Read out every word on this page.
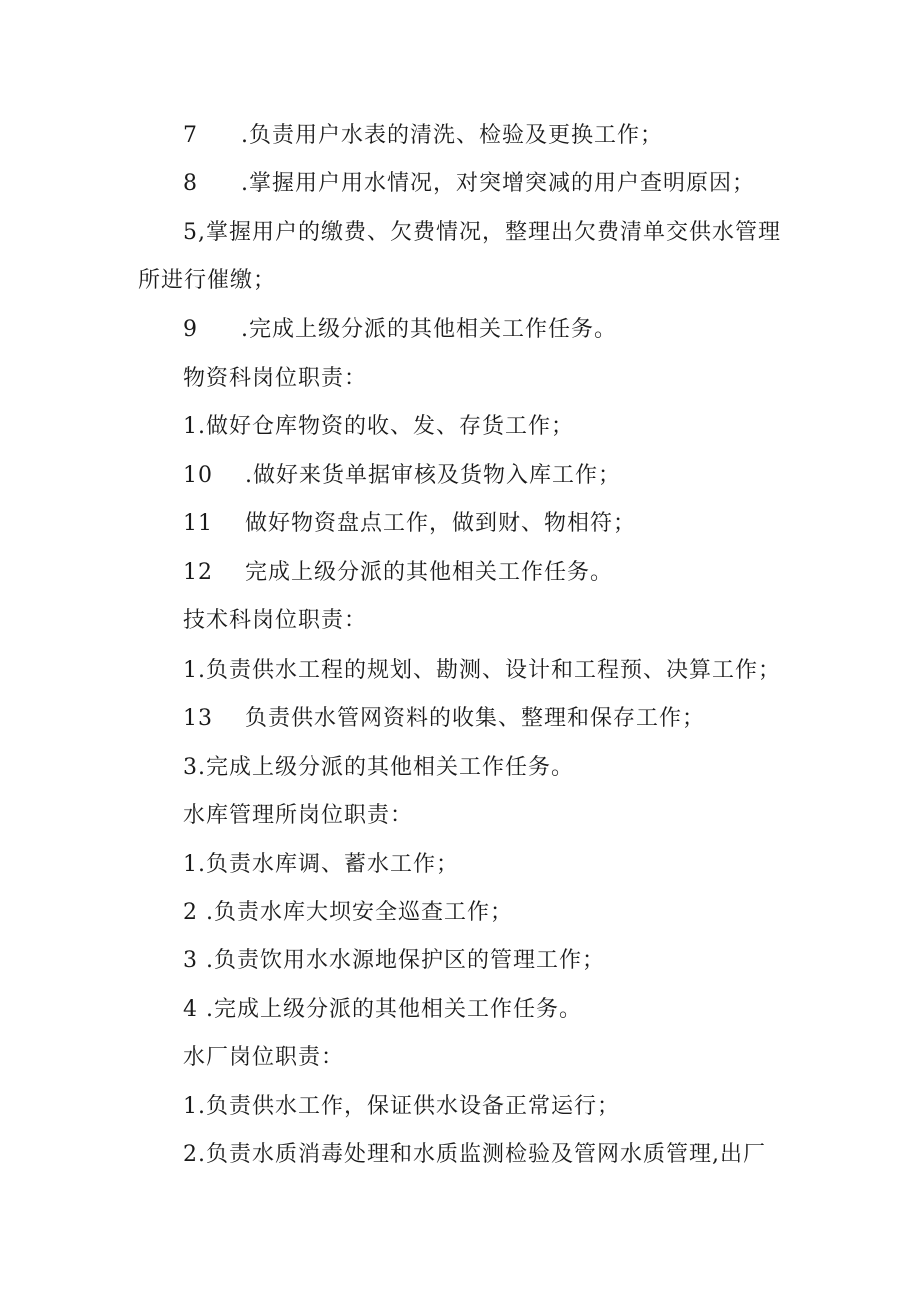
7 .负责用户水表的清洗、检验及更换工作；
8 .掌握用户用水情况，对突增突减的用户查明原因；
5,掌握用户的缴费、欠费情况，整理出欠费清单交供水管理
所进行催缴；
9 .完成上级分派的其他相关工作任务。
物资科岗位职责：
1.做好仓库物资的收、发、存货工作；
10 .做好来货单据审核及货物入库工作；
11 做好物资盘点工作，做到财、物相符；
12 完成上级分派的其他相关工作任务。
技术科岗位职责：
1.负责供水工程的规划、勘测、设计和工程预、决算工作；
13 负责供水管网资料的收集、整理和保存工作；
3.完成上级分派的其他相关工作任务。
水库管理所岗位职责：
1.负责水库调、蓄水工作；
2 .负责水库大坝安全巡查工作；
3 .负责饮用水水源地保护区的管理工作；
4 .完成上级分派的其他相关工作任务。
水厂岗位职责：
1.负责供水工作，保证供水设备正常运行；
2.负责水质消毒处理和水质监测检验及管网水质管理,出厂
